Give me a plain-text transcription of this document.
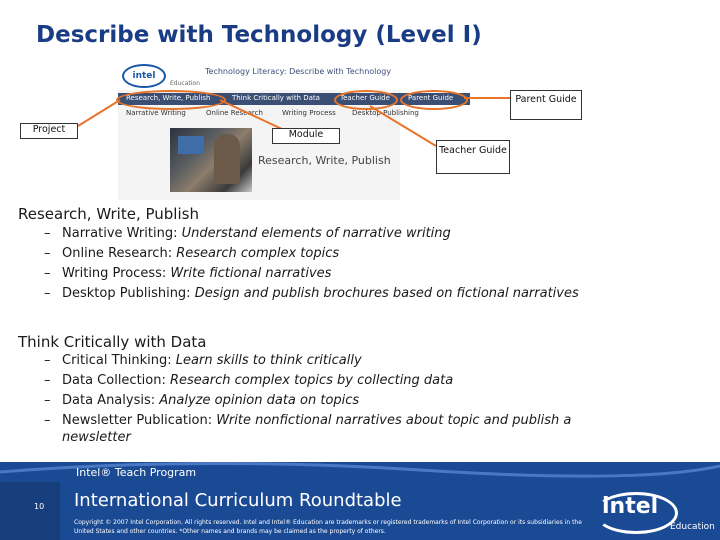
Describe with Technology (Level I)
intel
Education
Technology Literacy: Describe with Technology
Research, Write, Publish	Think Critically with Data	Teacher Guide	Parent Guide
Narrative Writing	Online Research	Writing Process Desktop Publishing
Research, Write, Publish
Parent Guide
Project	Module
Teacher Guide
Research, Write, Publish
– Narrative Writing: Understand elements of narrative writing
– Online Research: Research complex topics
– Writing Process: Write fictional narratives
– Desktop Publishing: Design and publish brochures based on fictional narratives
Think Critically with Data
– Critical Thinking: Learn skills to think critically
– Data Collection: Research complex topics by collecting data
– Data Analysis: Analyze opinion data on topics
– Newsletter Publication: Write nonfictional narratives about topic and publish a
newsletter
10
Intel® Teach Program
International Curriculum Roundtable
Copyright © 2007 Intel Corporation. All rights reserved. Intel and Intel® Education are trademarks or registered trademarks of Intel Corporation or its subsidiaries in the United States and other countries. *Other names and brands may be claimed as the property of others.
intel
Education
